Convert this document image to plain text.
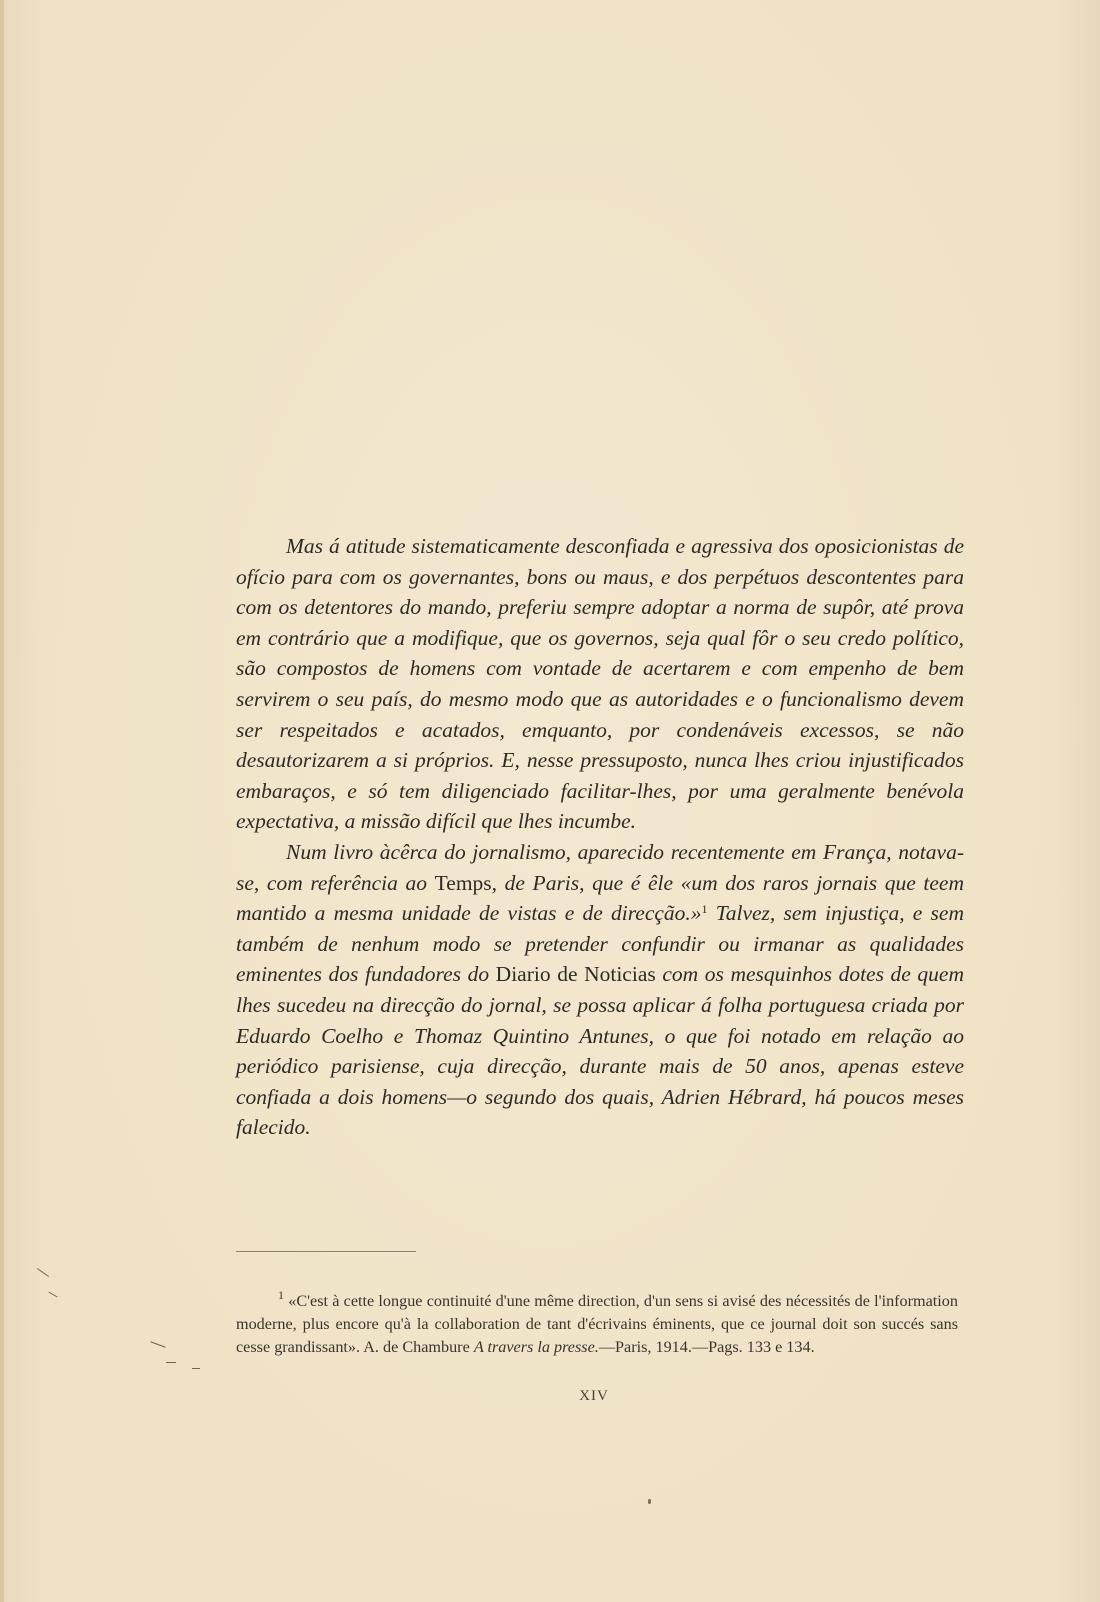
Mas á atitude sistematicamente desconfiada e agressiva dos oposicionistas de ofício para com os governantes, bons ou maus, e dos perpétuos descontentes para com os detentores do mando, preferiu sempre adoptar a norma de supôr, até prova em contrário que a modifique, que os governos, seja qual fôr o seu credo político, são compostos de homens com vontade de acertarem e com empenho de bem servirem o seu país, do mesmo modo que as autoridades e o funcionalismo devem ser respeitados e acatados, emquanto, por condenáveis excessos, se não desautorizarem a si próprios. E, nesse pressuposto, nunca lhes criou injustificados embaraços, e só tem diligenciado facilitar-lhes, por uma geralmente benévola expectativa, a missão difícil que lhes incumbe.

Num livro àcêrca do jornalismo, aparecido recentemente em França, notava-se, com referência ao Temps, de Paris, que é êle «um dos raros jornais que teem mantido a mesma unidade de vistas e de direcção.»$^1$ Talvez, sem injustiça, e sem também de nenhum modo se pretender confundir ou irmanar as qualidades eminentes dos fundadores do Diario de Noticias com os mesquinhos dotes de quem lhes sucedeu na direcção do jornal, se possa aplicar á folha portuguesa criada por Eduardo Coelho e Thomaz Quintino Antunes, o que foi notado em relação ao periódico parisiense, cuja direcção, durante mais de 50 anos, apenas esteve confiada a dois homens—o segundo dos quais, Adrien Hébrard, há poucos meses falecido.

$^1$ «C'est à cette longue continuité d'une même direction, d'un sens si avisé des nécessités de l'information moderne, plus encore qu'à la collaboration de tant d'écrivains éminents, que ce journal doit son succés sans cesse grandissant». A. de Chambure A travers la presse.—Paris, 1914.—Pags. 133 e 134.
XIV
